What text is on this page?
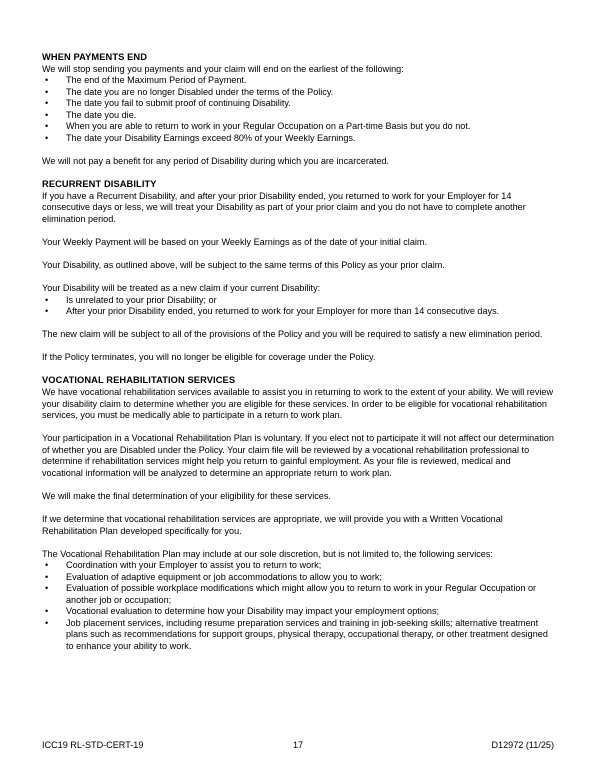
WHEN PAYMENTS END

We will stop sending you payments and your claim will end on the earliest of the following:

• The end of the Maximum Period of Payment.
• The date you are no longer Disabled under the terms of the Policy.
• The date you fail to submit proof of continuing Disability.
• The date you die.
• When you are able to return to work in your Regular Occupation on a Part-time Basis but you do not.
• The date your Disability Earnings exceed 80% of your Weekly Earnings.

We will not pay a benefit for any period of Disability during which you are incarcerated.

RECURRENT DISABILITY

If you have a Recurrent Disability, and after your prior Disability ended, you returned to work for your Employer for 14 consecutive days or less, we will treat your Disability as part of your prior claim and you do not have to complete another elimination period.

Your Weekly Payment will be based on your Weekly Earnings as of the date of your initial claim.

Your Disability, as outlined above, will be subject to the same terms of this Policy as your prior claim.

Your Disability will be treated as a new claim if your current Disability:

• Is unrelated to your prior Disability; or
• After your prior Disability ended, you returned to work for your Employer for more than 14 consecutive days.

The new claim will be subject to all of the provisions of the Policy and you will be required to satisfy a new elimination period.

If the Policy terminates, you will no longer be eligible for coverage under the Policy.

VOCATIONAL REHABILITATION SERVICES

We have vocational rehabilitation services available to assist you in returning to work to the extent of your ability. We will review your disability claim to determine whether you are eligible for these services. In order to be eligible for vocational rehabilitation services, you must be medically able to participate in a return to work plan.

Your participation in a Vocational Rehabilitation Plan is voluntary. If you elect not to participate it will not affect our determination of whether you are Disabled under the Policy. Your claim file will be reviewed by a vocational rehabilitation professional to determine if rehabilitation services might help you return to gainful employment. As your file is reviewed, medical and vocational information will be analyzed to determine an appropriate return to work plan.

We will make the final determination of your eligibility for these services.

If we determine that vocational rehabilitation services are appropriate, we will provide you with a Written Vocational Rehabilitation Plan developed specifically for you.

The Vocational Rehabilitation Plan may include at our sole discretion, but is not limited to, the following services:

• Coordination with your Employer to assist you to return to work;
• Evaluation of adaptive equipment or job accommodations to allow you to work;
• Evaluation of possible workplace modifications which might allow you to return to work in your Regular Occupation or another job or occupation;
• Vocational evaluation to determine how your Disability may impact your employment options;
• Job placement services, including resume preparation services and training in job-seeking skills; alternative treatment plans such as recommendations for support groups, physical therapy, occupational therapy, or other treatment designed to enhance your ability to work.
ICC19 RL-STD-CERT-19	17	D12972 (11/25)
